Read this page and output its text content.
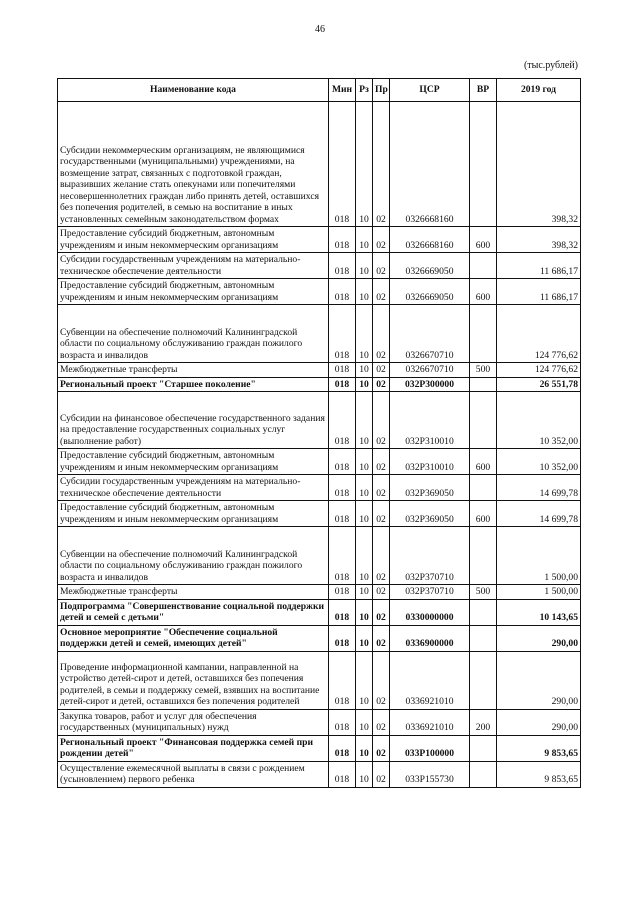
46
(тыс.рублей)
Наименование кода	Мин	Рз	Пр	ЦСР	ВР	2019 год
Субсидии некоммерческим организациям, не являющимися государственными (муниципальными) учреждениями, на возмещение затрат, связанных с подготовкой граждан, выразивших желание стать опекунами или попечителями несовершеннолетних граждан либо принять детей, оставшихся без попечения родителей, в семью на воспитание в иных установленных семейным законодательством формах	018	10	02	0326668160		398,32
Предоставление субсидий бюджетным, автономным учреждениям и иным некоммерческим организациям	018	10	02	0326668160	600	398,32
Субсидии государственным учреждениям на материально-техническое обеспечение деятельности	018	10	02	0326669050		11 686,17
Предоставление субсидий бюджетным, автономным учреждениям и иным некоммерческим организациям	018	10	02	0326669050	600	11 686,17
Субвенции на обеспечение полномочий Калининградской области по социальному обслуживанию граждан пожилого возраста и инвалидов	018	10	02	0326670710		124 776,62
Межбюджетные трансферты	018	10	02	0326670710	500	124 776,62
Региональный проект "Старшее поколение"	018	10	02	032P300000		26 551,78
Субсидии на финансовое обеспечение государственного задания на предоставление государственных социальных услуг (выполнение работ)	018	10	02	032P310010		10 352,00
Предоставление субсидий бюджетным, автономным учреждениям и иным некоммерческим организациям	018	10	02	032P310010	600	10 352,00
Субсидии государственным учреждениям на материально-техническое обеспечение деятельности	018	10	02	032P369050		14 699,78
Предоставление субсидий бюджетным, автономным учреждениям и иным некоммерческим организациям	018	10	02	032P369050	600	14 699,78
Субвенции на обеспечение полномочий Калининградской области по социальному обслуживанию граждан пожилого возраста и инвалидов	018	10	02	032P370710		1 500,00
Межбюджетные трансферты	018	10	02	032P370710	500	1 500,00
Подпрограмма "Совершенствование социальной поддержки детей и семей с детьми"	018	10	02	0330000000		10 143,65
Основное мероприятие "Обеспечение социальной поддержки детей и семей, имеющих детей"	018	10	02	0336900000		290,00
Проведение информационной кампании, направленной на устройство детей-сирот и детей, оставшихся без попечения родителей, в семьи и поддержку семей, взявших на воспитание детей-сирот и детей, оставшихся без попечения родителей	018	10	02	0336921010		290,00
Закупка товаров, работ и услуг для обеспечения государственных (муниципальных) нужд	018	10	02	0336921010	200	290,00
Региональный проект "Финансовая поддержка семей при рождении детей"	018	10	02	033P100000		9 853,65
Осуществление ежемесячной выплаты в связи с рождением (усыновлением) первого ребенка	018	10	02	033P155730		9 853,65
